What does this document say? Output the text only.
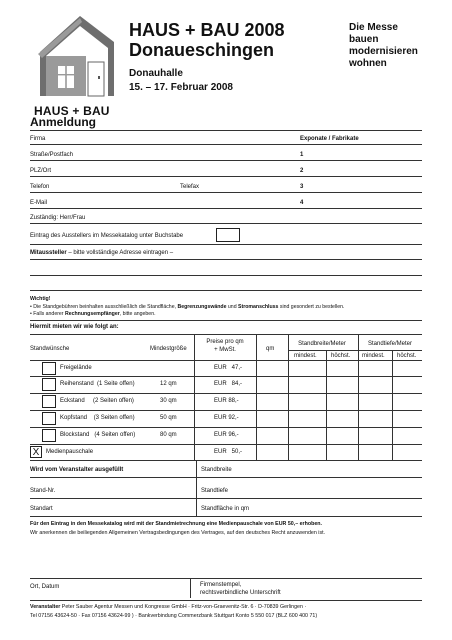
HAUS + BAU
HAUS + BAU 2008
Donaueschingen
Donauhalle
15. – 17. Februar 2008
Die Messe
bauen
modernisieren
wohnen
Anmeldung
Firma	Exponate / Fabrikate
Straße/Postfach	1
PLZ/Ort	2
Telefon	Telefax	3
E-Mail	4
Zuständig: Herr/Frau
Eintrag des Ausstellers im Messekatalog unter Buchstabe
Mitaussteller – bitte vollständige Adresse eintragen –
Wichtig!
• Die Standgebühren beinhalten ausschließlich die Standfläche, Begrenzungswände und Stromanschluss sind gesondert zu bestellen.
• Falls anderer Rechnungsempfänger, bitte angeben.
Hiermit mieten wir wie folgt an:
Standwünsche	Mindestgröße
Preise pro qm
+ MwSt.	qm
Standbreite/Meter	Standtiefe/Meter
mindest. höchst. mindest. höchst.
Freigelände	EUR   47,-
Reihenstand  (1 Seite offen)	12 qm	EUR   84,-
Eckstand     (2 Seiten offen)	30 qm	EUR 88,-
Kopfstand    (3 Seiten offen)	50 qm	EUR 92,-
Blockstand   (4 Seiten offen)	80 qm	EUR 96,-
X	Medienpauschale	EUR   50,-
Wird vom Veranstalter ausgefüllt	Standbreite
Stand-Nr.	Standtiefe
Standart	Standfläche in qm
Für den Eintrag in den Messekatalog wird mit der Standmietrechnung eine Medienpauschale von EUR 50,– erhoben.
Wir anerkennen die beiliegenden Allgemeinen Vertragsbedingungen des Vertrages, auf den deutsches Recht anzuwenden ist.
Ort, Datum	Firmenstempel,
rechtsverbindliche Unterschrift
Veranstalter Peter Sauber Agentur Messen und Kongresse GmbH · Fritz-von-Graevenitz-Str. 6 · D-70839 Gerlingen ·
Tel 07156 43624-50 · Fax 07156 43624-99 ) · Bankverbindung Commerzbank Stuttgart Konto 5 550 017 (BLZ 600 400 71)
